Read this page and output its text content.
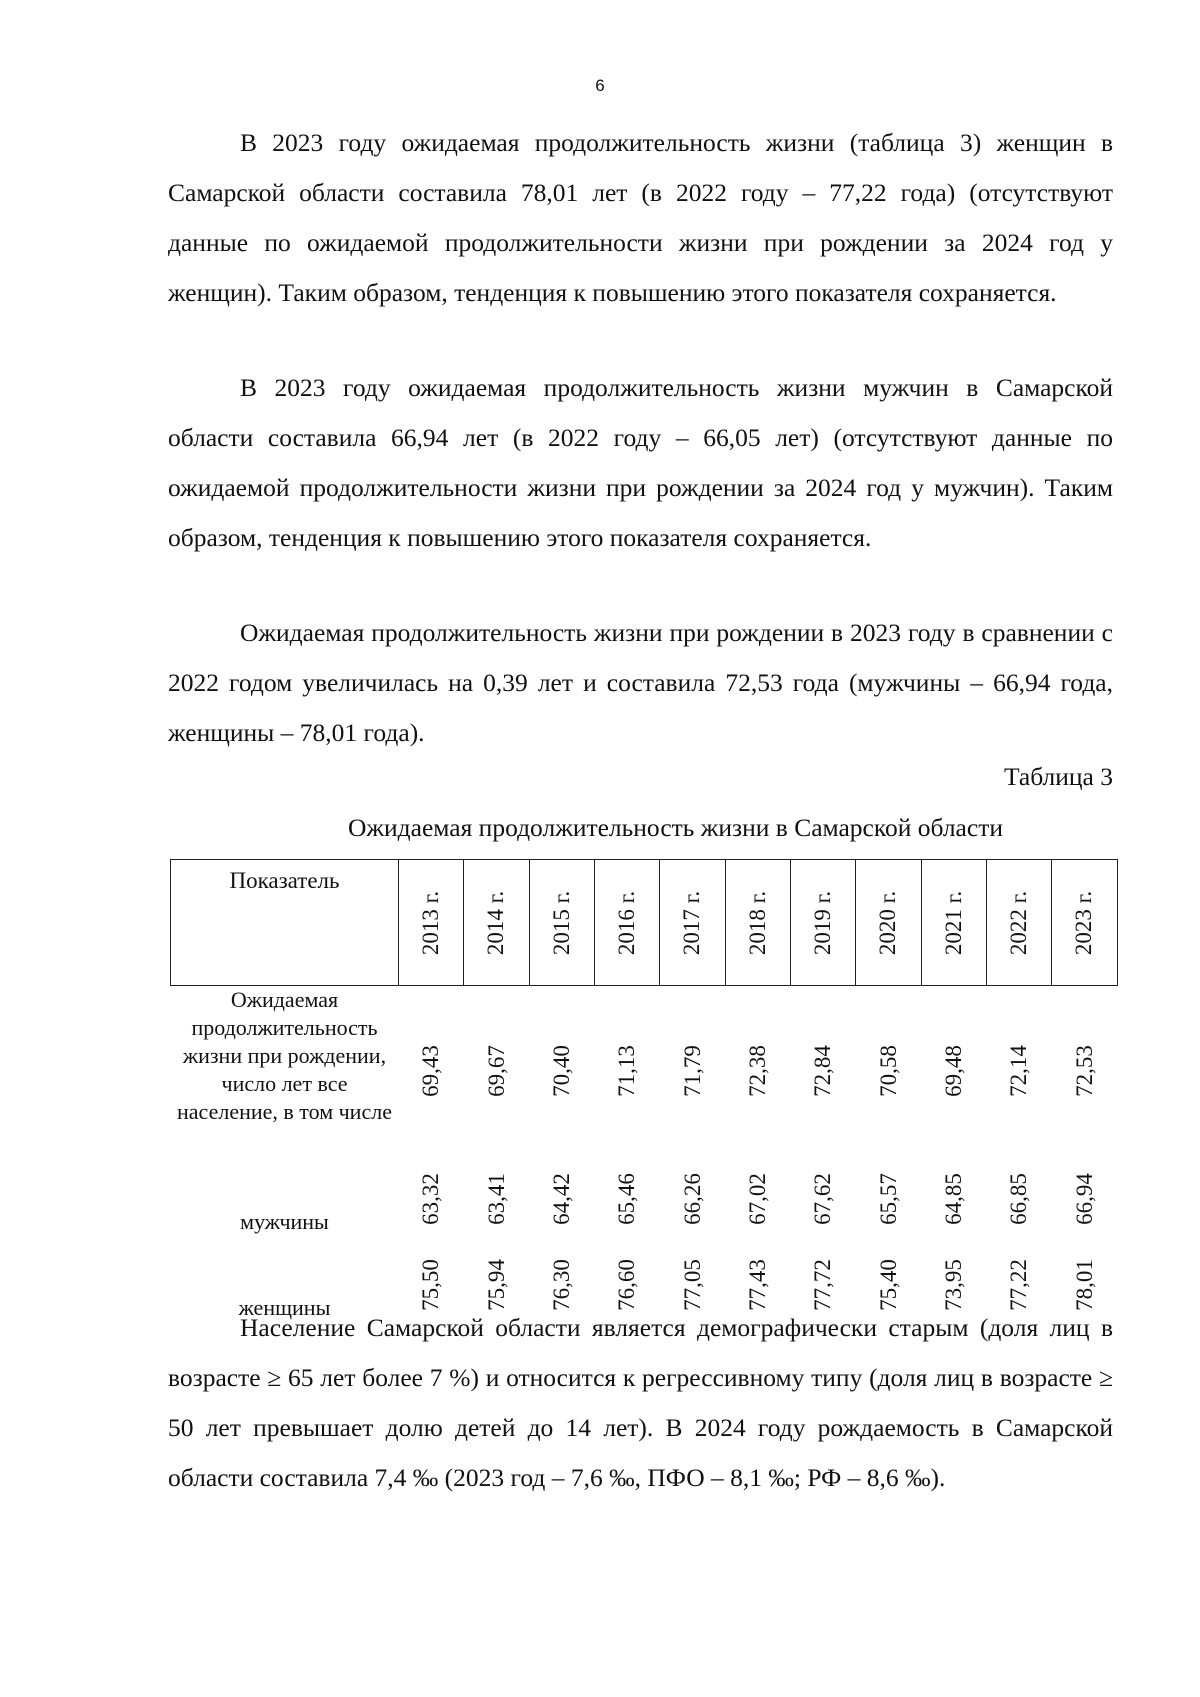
6

В 2023 году ожидаемая продолжительность жизни (таблица 3) женщин в Самарской области составила 78,01 лет (в 2022 году – 77,22 года) (отсутствуют данные по ожидаемой продолжительности жизни при рождении за 2024 год у женщин). Таким образом, тенденция к повышению этого показателя сохраняется.

В 2023 году ожидаемая продолжительность жизни мужчин в Самарской области составила 66,94 лет (в 2022 году – 66,05 лет) (отсутствуют данные по ожидаемой продолжительности жизни при рождении за 2024 год у мужчин). Таким образом, тенденция к повышению этого показателя сохраняется.

Ожидаемая продолжительность жизни при рождении в 2023 году в сравнении с 2022 годом увеличилась на 0,39 лет и составила 72,53 года (мужчины – 66,94 года, женщины – 78,01 года).

Таблица 3
Ожидаемая продолжительность жизни в Самарской области
Показатель	2013 г.	2014 г.	2015 г.	2016 г.	2017 г.	2018 г.	2019 г.	2020 г.	2021 г.	2022 г.	2023 г.
Ожидаемая продолжительность жизни при рождении, число лет все население, в том числе	69,43	69,67	70,40	71,13	71,79	72,38	72,84	70,58	69,48	72,14	72,53
мужчины	63,32	63,41	64,42	65,46	66,26	67,02	67,62	65,57	64,85	66,85	66,94
женщины	75,50	75,94	76,30	76,60	77,05	77,43	77,72	75,40	73,95	77,22	78,01

Население Самарской области является демографически старым (доля лиц в возрасте ≥ 65 лет более 7 %) и относится к регрессивному типу (доля лиц в возрасте ≥ 50 лет превышает долю детей до 14 лет). В 2024 году рождаемость в Самарской области составила 7,4 ‰ (2023 год – 7,6 ‰, ПФО – 8,1 ‰; РФ – 8,6 ‰).
